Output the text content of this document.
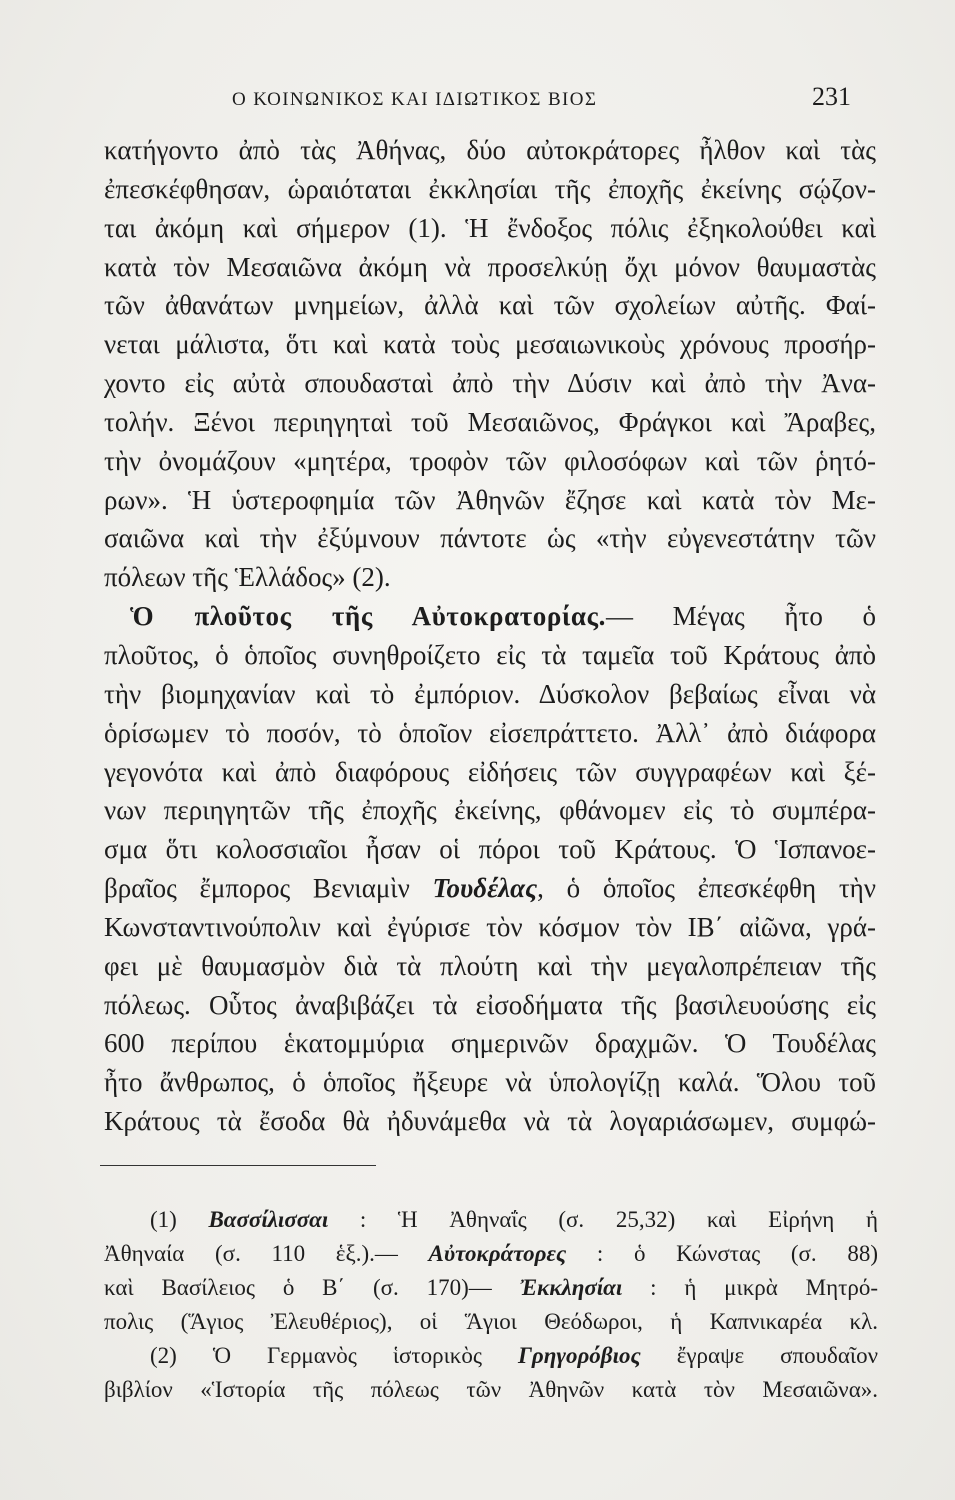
Ο ΚΟΙΝΩΝΙΚΟΣ ΚΑΙ ΙΔΙΩΤΙΚΟΣ ΒΙΟΣ	231
κατήγοντο ἀπὸ τὰς Ἀθήνας, δύο αὐτοκράτορες ἦλθον καὶ τὰς
ἐπεσκέφθησαν, ὡραιόταται ἐκκλησίαι τῆς ἐποχῆς ἐκείνης σῴζον-
ται ἀκόμη καὶ σήμερον (1). Ἡ ἔνδοξος πόλις ἐξηκολούθει καὶ
κατὰ τὸν Μεσαιῶνα ἀκόμη νὰ προσελκύῃ ὄχι μόνον θαυμαστὰς
τῶν ἀθανάτων μνημείων, ἀλλὰ καὶ τῶν σχολείων αὐτῆς. Φαί-
νεται μάλιστα, ὅτι καὶ κατὰ τοὺς μεσαιωνικοὺς χρόνους προσήρ-
χοντο εἰς αὐτὰ σπουδασταὶ ἀπὸ τὴν Δύσιν καὶ ἀπὸ τὴν Ἀνα-
τολήν. Ξένοι περιηγηταὶ τοῦ Μεσαιῶνος, Φράγκοι καὶ Ἄραβες,
τὴν ὀνομάζουν «μητέρα, τροφὸν τῶν φιλοσόφων καὶ τῶν ῥητό-
ρων». Ἡ ὑστεροφημία τῶν Ἀθηνῶν ἔζησε καὶ κατὰ τὸν Με-
σαιῶνα καὶ τὴν ἐξύμνουν πάντοτε ὡς «τὴν εὐγενεστάτην τῶν
πόλεων τῆς Ἑλλάδος» (2).
Ὁ πλοῦτος τῆς Αὐτοκρατορίας.— Μέγας ἦτο ὁ
πλοῦτος, ὁ ὁποῖος συνηθροίζετο εἰς τὰ ταμεῖα τοῦ Κράτους ἀπὸ
τὴν βιομηχανίαν καὶ τὸ ἐμπόριον. Δύσκολον βεβαίως εἶναι νὰ
ὁρίσωμεν τὸ ποσόν, τὸ ὁποῖον εἰσεπράττετο. Ἀλλ᾽ ἀπὸ διάφορα
γεγονότα καὶ ἀπὸ διαφόρους εἰδήσεις τῶν συγγραφέων καὶ ξέ-
νων περιηγητῶν τῆς ἐποχῆς ἐκείνης, φθάνομεν εἰς τὸ συμπέρα-
σμα ὅτι κολοσσιαῖοι ἦσαν οἱ πόροι τοῦ Κράτους. Ὁ Ἱσπανοε-
βραῖος ἔμπορος Βενιαμὶν Τουδέλας, ὁ ὁποῖος ἐπεσκέφθη τὴν
Κωνσταντινούπολιν καὶ ἐγύρισε τὸν κόσμον τὸν ΙΒ΄ αἰῶνα, γρά-
φει μὲ θαυμασμὸν διὰ τὰ πλούτη καὶ τὴν μεγαλοπρέπειαν τῆς
πόλεως. Οὗτος ἀναβιβάζει τὰ εἰσοδήματα τῆς βασιλευούσης εἰς
600 περίπου ἑκατομμύρια σημερινῶν δραχμῶν. Ὁ Τουδέλας
ἦτο ἄνθρωπος, ὁ ὁποῖος ἤξευρε νὰ ὑπολογίζῃ καλά. Ὅλου τοῦ
Κράτους τὰ ἔσοδα θὰ ἠδυνάμεθα νὰ τὰ λογαριάσωμεν, συμφώ-
(1) Βασσίλισσαι : Ἡ Ἀθηναΐς (σ. 25,32) καὶ Εἰρήνη ἡ
Ἀθηναία (σ. 110 ἑξ.).— Αὐτοκράτορες : ὁ Κώνστας (σ. 88)
καὶ Βασίλειος ὁ Β΄ (σ. 170)— Ἐκκλησίαι : ἡ μικρὰ Μητρό-
πολις (Ἅγιος Ἐλευθέριος), οἱ Ἅγιοι Θεόδωροι, ἡ Καπνικαρέα κλ.
(2) Ὁ Γερμανὸς ἱστορικὸς Γρηγορόβιος ἔγραψε σπουδαῖον
βιβλίον «Ἱστορία τῆς πόλεως τῶν Ἀθηνῶν κατὰ τὸν Μεσαιῶνα».
